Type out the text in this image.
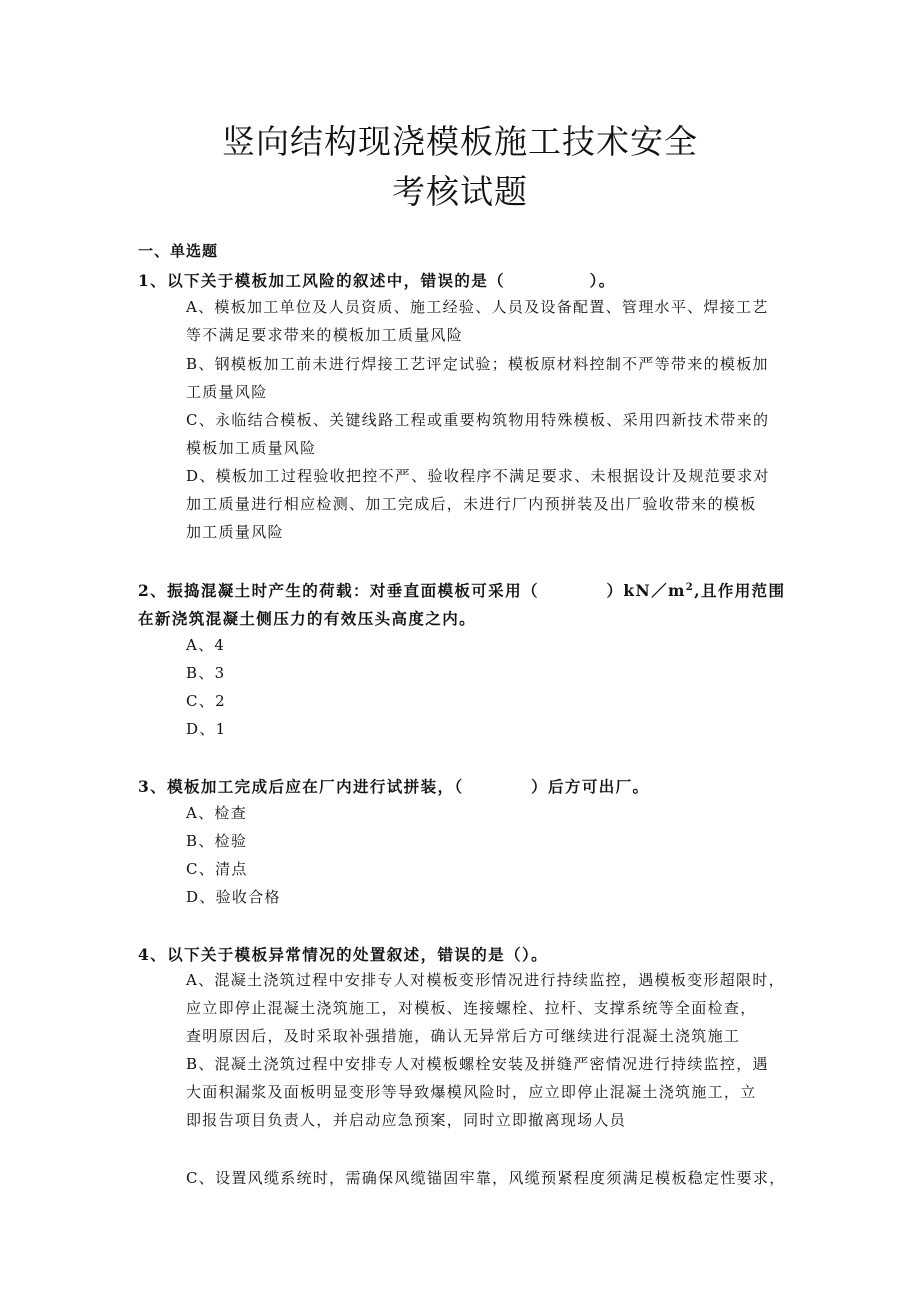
竖向结构现浇模板施工技术安全
考核试题
一、单选题
1、以下关于模板加工风险的叙述中，错误的是（　　　　　）。
A、模板加工单位及人员资质、施工经验、人员及设备配置、管理水平、焊接工艺
等不满足要求带来的模板加工质量风险
B、钢模板加工前未进行焊接工艺评定试验；模板原材料控制不严等带来的模板加
工质量风险
C、永临结合模板、关键线路工程或重要构筑物用特殊模板、采用四新技术带来的
模板加工质量风险
D、模板加工过程验收把控不严、验收程序不满足要求、未根据设计及规范要求对
加工质量进行相应检测、加工完成后，未进行厂内预拼装及出厂验收带来的模板
加工质量风险
2、振捣混凝土时产生的荷载：对垂直面模板可采用（　　　　）$kN/m^2$,且作用范围
在新浇筑混凝土侧压力的有效压头高度之内。
A、4
B、3
C、2
D、1
3、模板加工完成后应在厂内进行试拼装，（　　　　）后方可出厂。
A、检查
B、检验
C、清点
D、验收合格
4、以下关于模板异常情况的处置叙述，错误的是（）。
A、混凝土浇筑过程中安排专人对模板变形情况进行持续监控，遇模板变形超限时，
应立即停止混凝土浇筑施工，对模板、连接螺栓、拉杆、支撑系统等全面检查，
查明原因后，及时采取补强措施，确认无异常后方可继续进行混凝土浇筑施工
B、混凝土浇筑过程中安排专人对模板螺栓安装及拼缝严密情况进行持续监控，遇
大面积漏浆及面板明显变形等导致爆模风险时，应立即停止混凝土浇筑施工，立
即报告项目负责人，并启动应急预案，同时立即撤离现场人员
C、设置风缆系统时，需确保风缆锚固牢靠，风缆预紧程度须满足模板稳定性要求，
